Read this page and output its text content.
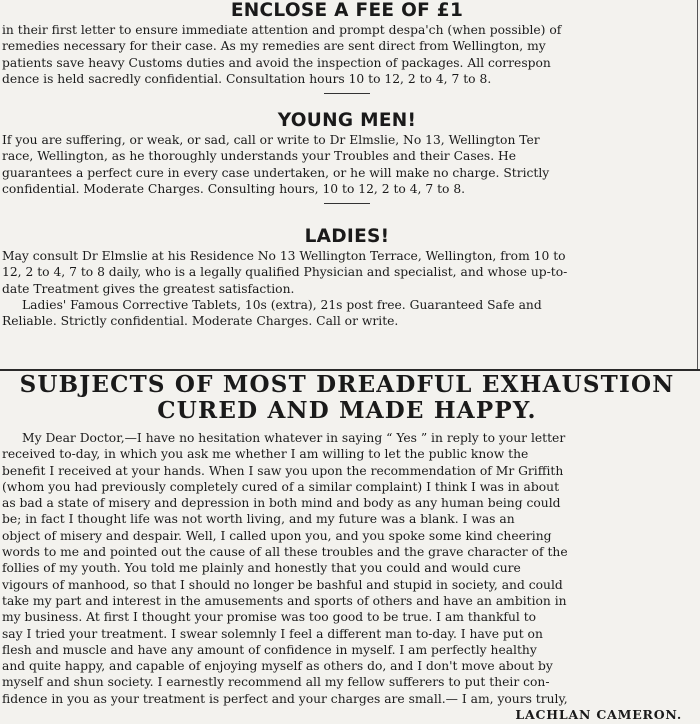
ENCLOSE A FEE OF £1

in their first letter to ensure immediate attention and prompt despa'ch (when possible) of
remedies necessary for their case. As my remedies are sent direct from Wellington, my
patients save heavy Customs duties and avoid the inspection of packages. All correspon
dence is held sacredly confidential. Consultation hours 10 to 12, 2 to 4, 7 to 8.

YOUNG MEN!

If you are suffering, or weak, or sad, call or write to Dr Elmslie, No 13, Wellington Ter
race, Wellington, as he thoroughly understands your Troubles and their Cases. He
guarantees a perfect cure in every case undertaken, or he will make no charge. Strictly
confidential. Moderate Charges. Consulting hours, 10 to 12, 2 to 4, 7 to 8.

LADIES!

May consult Dr Elmslie at his Residence No 13 Wellington Terrace, Wellington, from 10 to
12, 2 to 4, 7 to 8 daily, who is a legally qualified Physician and specialist, and whose up-to-
date Treatment gives the greatest satisfaction.
Ladies' Famous Corrective Tablets, 10s (extra), 21s post free. Guaranteed Safe and
Reliable. Strictly confidential. Moderate Charges. Call or write.

SUBJECTS OF MOST DREADFUL EXHAUSTION
CURED AND MADE HAPPY.

My Dear Doctor,—I have no hesitation whatever in saying “ Yes ” in reply to your letter
received to-day, in which you ask me whether I am willing to let the public know the
benefit I received at your hands. When I saw you upon the recommendation of Mr Griffith
(whom you had previously completely cured of a similar complaint) I think I was in about
as bad a state of misery and depression in both mind and body as any human being could
be; in fact I thought life was not worth living, and my future was a blank. I was an
object of misery and despair. Well, I called upon you, and you spoke some kind cheering
words to me and pointed out the cause of all these troubles and the grave character of the
follies of my youth. You told me plainly and honestly that you could and would cure
vigours of manhood, so that I should no longer be bashful and stupid in society, and could
take my part and interest in the amusements and sports of others and have an ambition in
my business. At first I thought your promise was too good to be true. I am thankful to
say I tried your treatment. I swear solemnly I feel a different man to-day. I have put on
flesh and muscle and have any amount of confidence in myself. I am perfectly healthy
and quite happy, and capable of enjoying myself as others do, and I don't move about by
myself and shun society. I earnestly recommend all my fellow sufferers to put their con-
fidence in you as your treatment is perfect and your charges are small.— I am, yours truly,

LACHLAN CAMERON.
